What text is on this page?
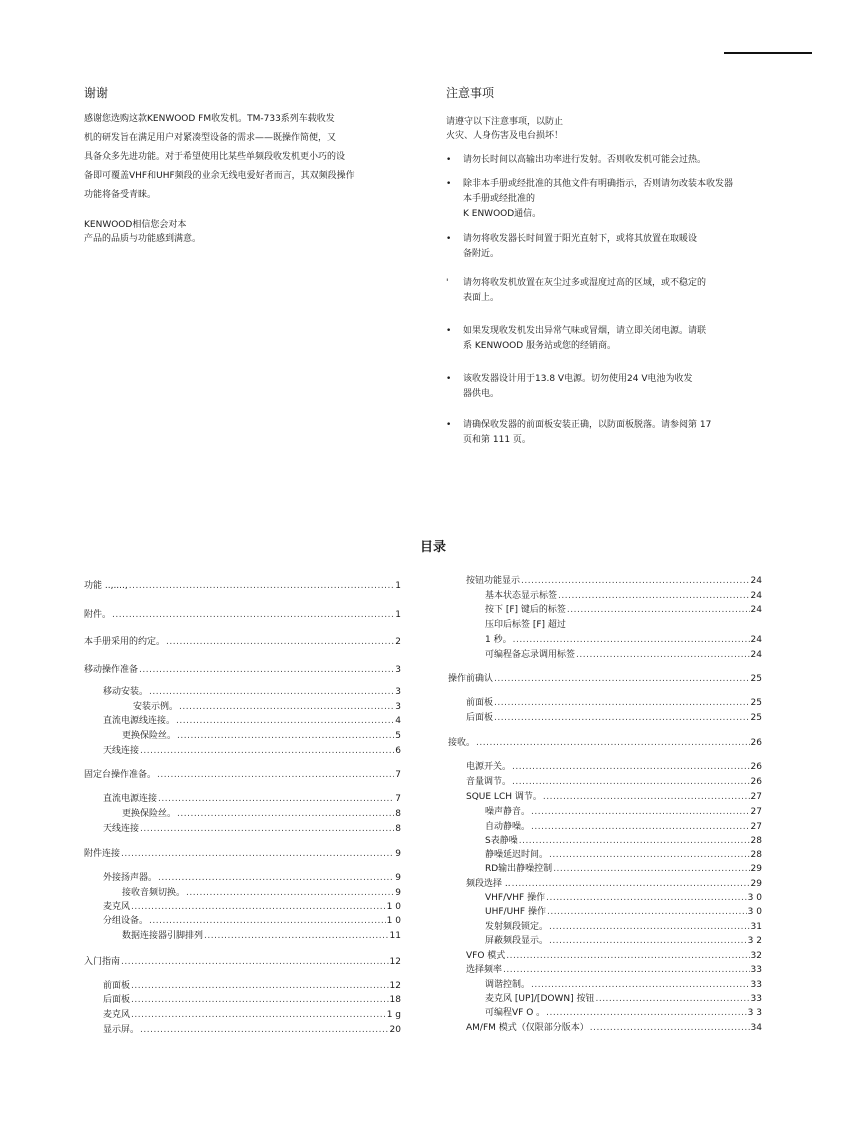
谢谢
感谢您选购这款KENWOOD FM收发机。TM-733系列车载收发
机的研发旨在满足用户对紧凑型设备的需求——既操作简便，又
具备众多先进功能。对于希望使用比某些单频段收发机更小巧的设
备即可覆盖VHF和UHF频段的业余无线电爱好者而言，其双频段操作
功能将备受青睐。
KENWOOD相信您会对本
产品的品质与功能感到满意。
注意事项
请遵守以下注意事项，以防止
火灾、人身伤害及电台损坏！
•	请勿长时间以高输出功率进行发射。否则收发机可能会过热。
•	除非本手册或经批准的其他文件有明确指示，否则请勿改装本收发器
本手册或经批准的
K ENWOOD通信。
•	请勿将收发器长时间置于阳光直射下，或将其放置在取暖设
备附近。
'	请勿将收发机放置在灰尘过多或湿度过高的区域，或不稳定的
表面上。
•	如果发现收发机发出异常气味或冒烟，请立即关闭电源。请联
系 KENWOOD 服务站或您的经销商。
•	该收发器设计用于13.8 V电源。切勿使用24 V电池为收发
器供电。
•	请确保收发器的前面板安装正确，以防面板脱落。请参阅第 17
页和第 111 页。
目录
功能 ..,...., .....	1
附件。 .....	1
本手册采用的约定。 .....	2
移动操作准备 .....	3
移动安装。 .....	3
安装示例。 .....	3
直流电源线连接。 .....	4
更换保险丝。 .....	5
天线连接 .....	6
固定台操作准备。 .....	7
直流电源连接 .....	7
更换保险丝。 .....	8
天线连接 .....	8
附件连接 .....	9
外接扬声器。 .....	9
接收音频切换。 .....	9
麦克风 .....	1 0
分组设备。 .....	1 0
数据连接器引脚排列 .....	11
入门指南 .....	12
前面板 .....	12
后面板 .....	18
麦克风 .....	1 g
显示屏。 .....	20
按钮功能显示 .....	24
基本状态显示标签 .....	24
按下 [F] 键后的标签 .....	24
压印后标签 [F] 超过
1 秒。 .....	24
可编程备忘录调用标签 .....	24
操作前确认 .....	25
前面板 .....	25
后面板 .....	25
接收。 .....	26
电源开关。 .....	26
音量调节。 .....	26
SQUE LCH 调节。 .....	27
噪声静音。 .....	27
自动静噪。 .....	27
S表静噪 .....	28
静噪延迟时间。 .....	28
RD输出静噪控制 .....	29
频段选择 .. .....	29
VHF/VHF 操作 .....	3 0
UHF/UHF 操作 .....	3 0
发射频段锁定。 .....	31
屏蔽频段显示。 .....	3 2
VFO 模式 .....	32
选择频率 .....	33
调谐控制。 .....	33
麦克风 [UP]/[DOWN] 按钮 .....	33
可编程VF O 。 .....	3 3
AM/FM 模式（仅限部分版本） .....	34
